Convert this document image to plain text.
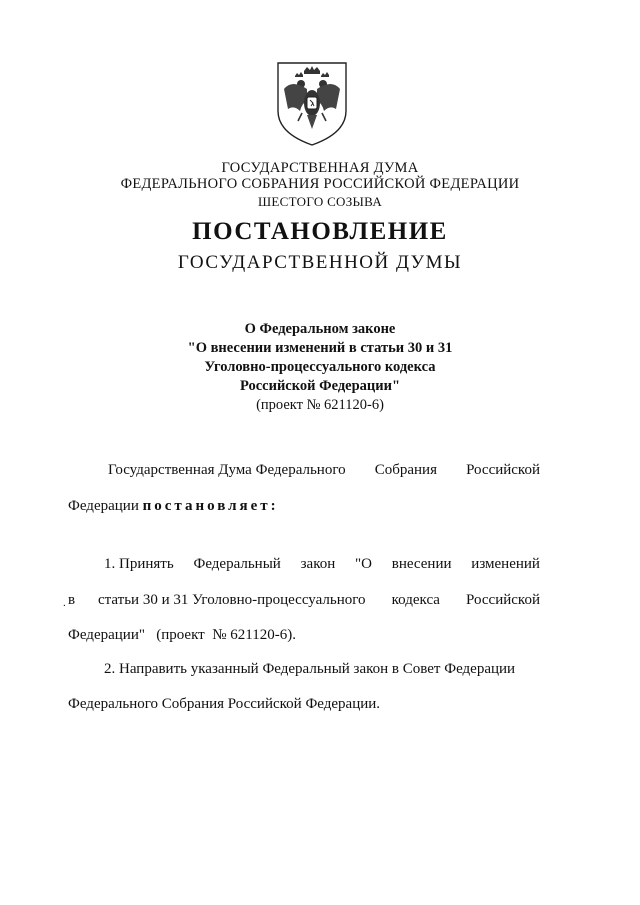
ГОСУДАРСТВЕННАЯ ДУМА
ФЕДЕРАЛЬНОГО СОБРАНИЯ РОССИЙСКОЙ ФЕДЕРАЦИИ
ШЕСТОГО СОЗЫВА
ПОСТАНОВЛЕНИЕ
ГОСУДАРСТВЕННОЙ ДУМЫ
О Федеральном законе
"О внесении изменений в статьи 30 и 31
Уголовно-процессуального кодекса
Российской Федерации"
(проект № 621120-6)
Государственная Дума Федерального Собрания Российской
Федерации постановляет:
1. Принять Федеральный закон "О внесении изменений
. в статьи 30 и 31 Уголовно-процессуального кодекса Российской
Федерации"   (проект  № 621120-6).
2. Направить указанный Федеральный закон в Совет Федерации
Федерального Собрания Российской Федерации.
